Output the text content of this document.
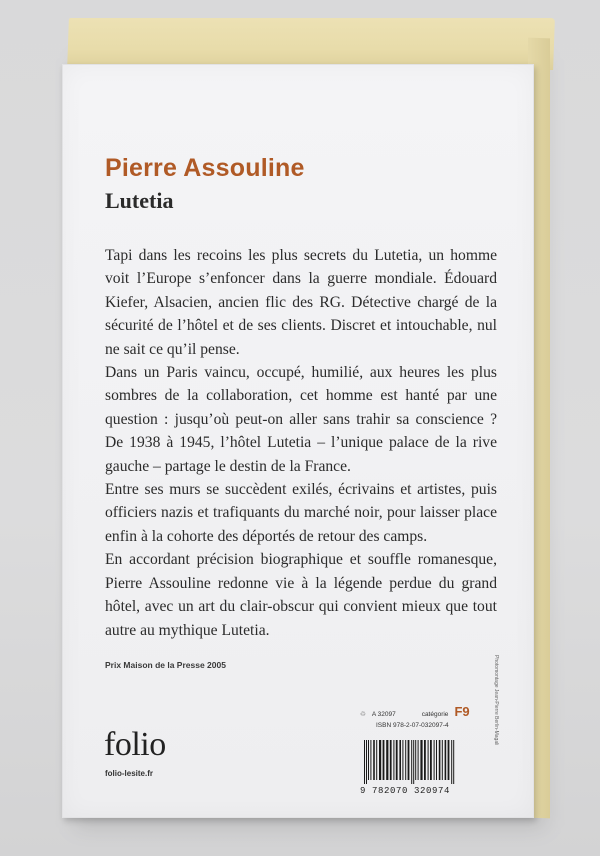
Pierre Assouline
Lutetia

Tapi dans les recoins les plus secrets du Lutetia, un homme voit l’Europe s’enfoncer dans la guerre mondiale. Édouard Kiefer, Alsacien, ancien flic des RG. Détective chargé de la sécurité de l’hôtel et de ses clients. Discret et intouchable, nul ne sait ce qu’il pense.

Dans un Paris vaincu, occupé, humilié, aux heures les plus sombres de la collaboration, cet homme est hanté par une question : jusqu’où peut-on aller sans trahir sa conscience ? De 1938 à 1945, l’hôtel Lutetia – l’unique palace de la rive gauche – partage le destin de la France.

Entre ses murs se succèdent exilés, écrivains et artistes, puis officiers nazis et trafiquants du marché noir, pour laisser place enfin à la cohorte des déportés de retour des camps.

En accordant précision biographique et souffle romanesque, Pierre Assouline redonne vie à la légende perdue du grand hôtel, avec un art du clair-obscur qui convient mieux que tout autre au mythique Lutetia.

Prix Maison de la Presse 2005
folio
folio-lesite.fr
♲ A 32097	catégorie F9
ISBN 978-2-07-032097-4
9 782070 320974
Photomontage Jean-Pierre Berlin-Magali
